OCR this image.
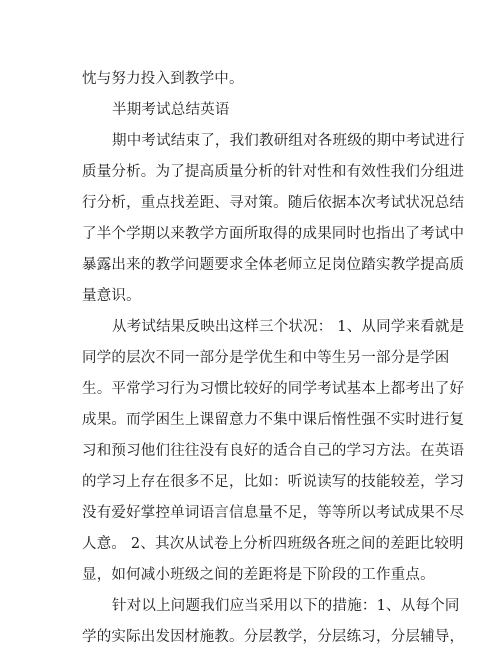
忱与努力投入到教学中。
半期考试总结英语
期中考试结束了，我们教研组对各班级的期中考试进行
质量分析。为了提高质量分析的针对性和有效性我们分组进
行分析，重点找差距、寻对策。随后依据本次考试状况总结
了半个学期以来教学方面所取得的成果同时也指出了考试中
暴露出来的教学问题要求全体老师立足岗位踏实教学提高质
量意识。
从考试结果反映出这样三个状况： 1、从同学来看就是
同学的层次不同一部分是学优生和中等生另一部分是学困
生。平常学习行为习惯比较好的同学考试基本上都考出了好
成果。而学困生上课留意力不集中课后惰性强不实时进行复
习和预习他们往往没有良好的适合自己的学习方法。在英语
的学习上存在很多不足，比如：听说读写的技能较差，学习
没有爱好掌控单词语言信息量不足，等等所以考试成果不尽
人意。 2、其次从试卷上分析四班级各班之间的差距比较明
显，如何减小班级之间的差距将是下阶段的工作重点。
针对以上问题我们应当采用以下的措施：1、从每个同
学的实际出发因材施教。分层教学，分层练习，分层辅导，
